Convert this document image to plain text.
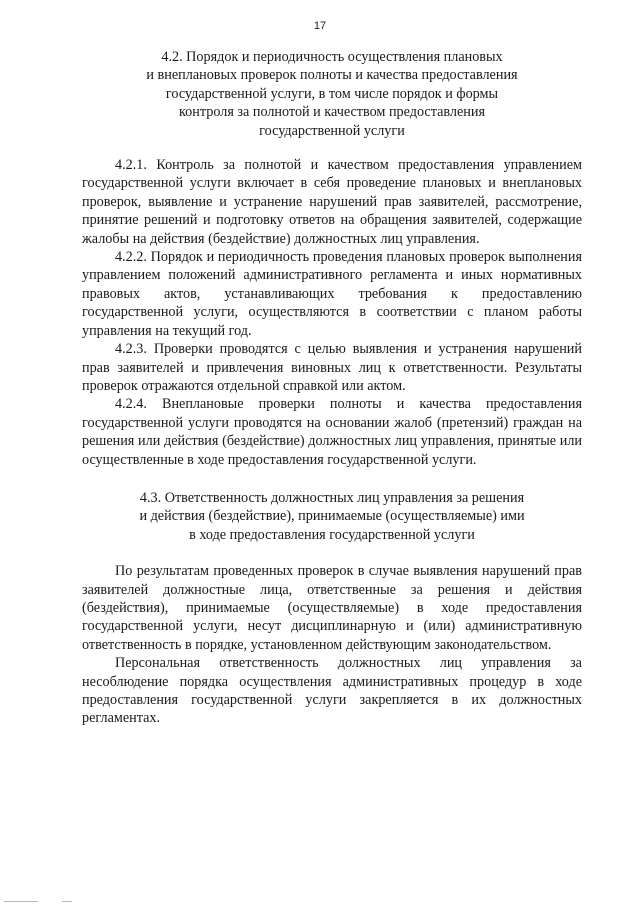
17
4.2. Порядок и периодичность осуществления плановых
и внеплановых проверок полноты и качества предоставления
государственной услуги, в том числе порядок и формы
контроля за полнотой и качеством предоставления
государственной услуги

4.2.1. Контроль за полнотой и качеством предоставления управлением государственной услуги включает в себя проведение плановых и внеплановых проверок, выявление и устранение нарушений прав заявителей, рассмотрение, принятие решений и подготовку ответов на обращения заявителей, содержащие жалобы на действия (бездействие) должностных лиц управления.

4.2.2. Порядок и периодичность проведения плановых проверок выполнения управлением положений административного регламента и иных нормативных правовых актов, устанавливающих требования к предоставлению государственной услуги, осуществляются в соответствии с планом работы управления на текущий год.

4.2.3. Проверки проводятся с целью выявления и устранения нарушений прав заявителей и привлечения виновных лиц к ответственности. Результаты проверок отражаются отдельной справкой или актом.

4.2.4. Внеплановые проверки полноты и качества предоставления государственной услуги проводятся на основании жалоб (претензий) граждан на решения или действия (бездействие) должностных лиц управления, принятые или осуществленные в ходе предоставления государственной услуги.

4.3. Ответственность должностных лиц управления за решения
и действия (бездействие), принимаемые (осуществляемые) ими
в ходе предоставления государственной услуги

По результатам проведенных проверок в случае выявления нарушений прав заявителей должностные лица, ответственные за решения и действия (бездействия), принимаемые (осуществляемые) в ходе предоставления государственной услуги, несут дисциплинарную и (или) административную ответственность в порядке, установленном действующим законодательством.

Персональная ответственность должностных лиц управления за несоблюдение порядка осуществления административных процедур в ходе предоставления государственной услуги закрепляется в их должностных регламентах.
